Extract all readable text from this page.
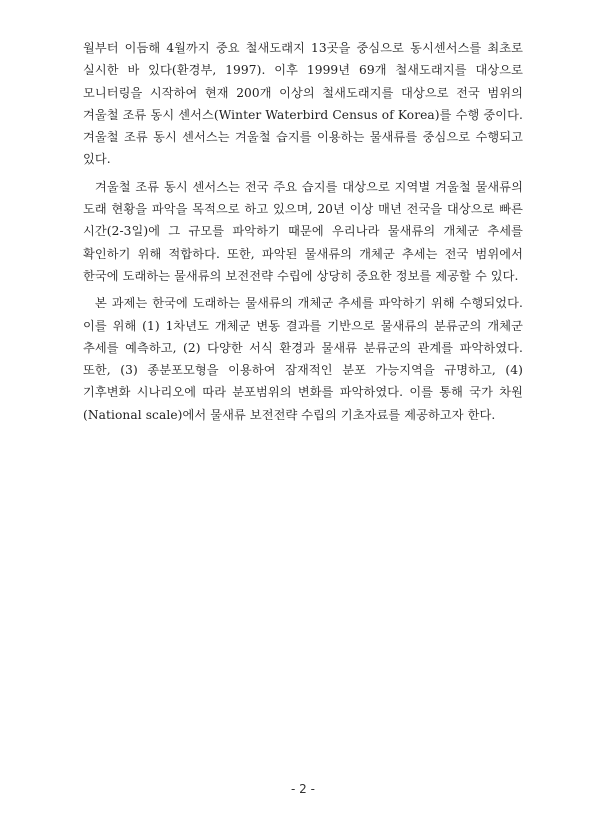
월부터 이듬해 4월까지 중요 철새도래지 13곳을 중심으로 동시센서스를 최초로 실시한 바 있다(환경부, 1997). 이후 1999년 69개 철새도래지를 대상으로 모니터링을 시작하여 현재 200개 이상의 철새도래지를 대상으로 전국 범위의 겨울철 조류 동시 센서스(Winter Waterbird Census of Korea)를 수행 중이다. 겨울철 조류 동시 센서스는 겨울철 습지를 이용하는 물새류를 중심으로 수행되고 있다.

겨울철 조류 동시 센서스는 전국 주요 습지를 대상으로 지역별 겨울철 물새류의 도래 현황을 파악을 목적으로 하고 있으며, 20년 이상 매년 전국을 대상으로 빠른 시간(2-3일)에 그 규모를 파악하기 때문에 우리나라 물새류의 개체군 추세를 확인하기 위해 적합하다. 또한, 파악된 물새류의 개체군 추세는 전국 범위에서 한국에 도래하는 물새류의 보전전략 수립에 상당히 중요한 정보를 제공할 수 있다.

본 과제는 한국에 도래하는 물새류의 개체군 추세를 파악하기 위해 수행되었다. 이를 위해 (1) 1차년도 개체군 변동 결과를 기반으로 물새류의 분류군의 개체군 추세를 예측하고, (2) 다양한 서식 환경과 물새류 분류군의 관계를 파악하였다. 또한, (3) 종분포모형을 이용하여 잠재적인 분포 가능지역을 규명하고, (4) 기후변화 시나리오에 따라 분포범위의 변화를 파악하였다. 이를 통해 국가 차원(National scale)에서 물새류 보전전략 수립의 기초자료를 제공하고자 한다.

- 2 -
